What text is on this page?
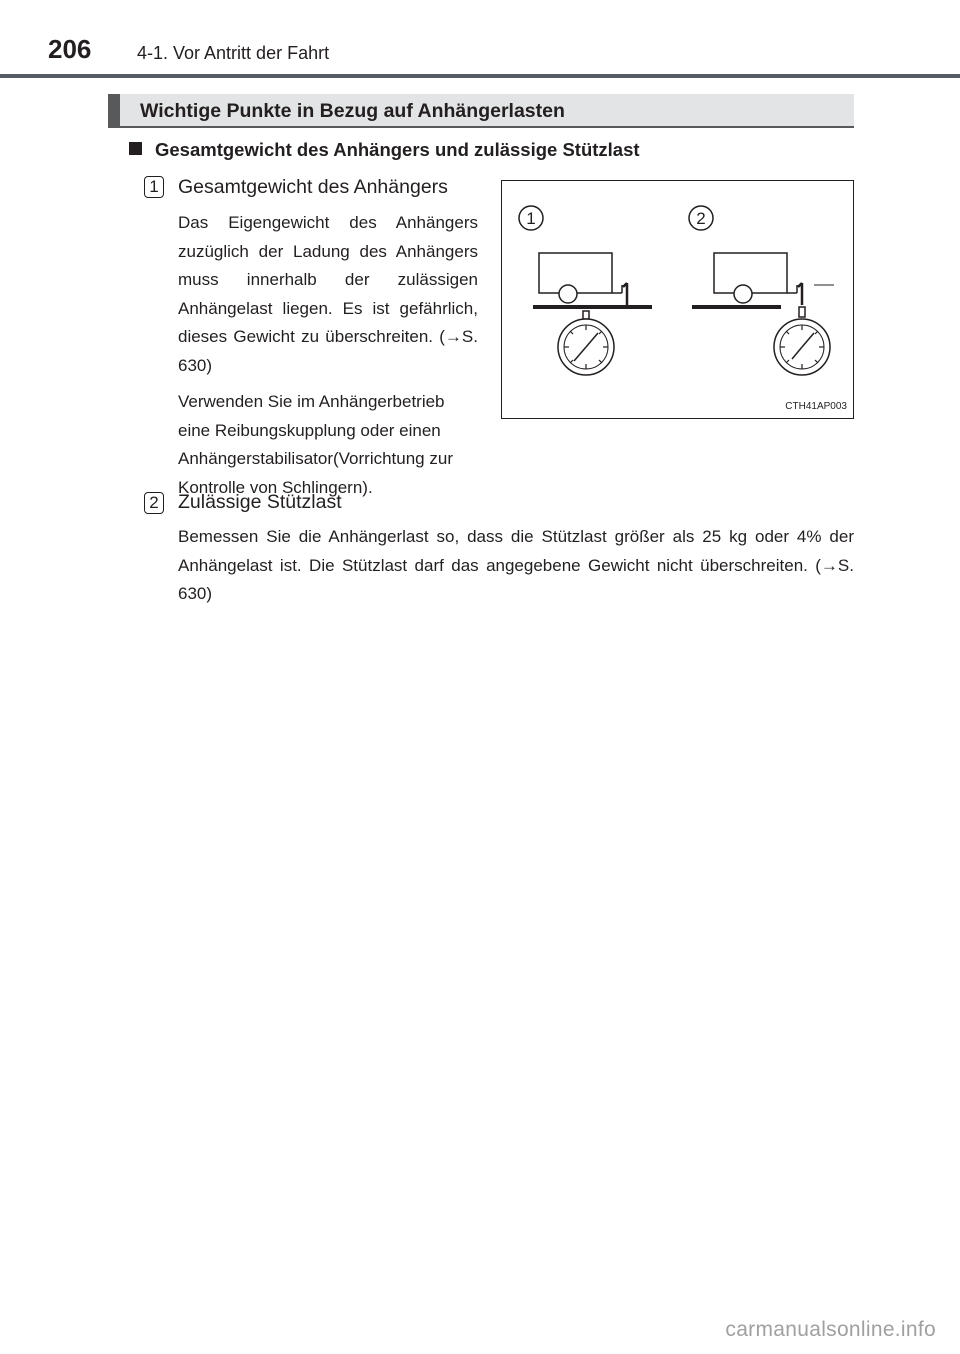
206	4-1. Vor Antritt der Fahrt
Wichtige Punkte in Bezug auf Anhängerlasten
Gesamtgewicht des Anhängers und zulässige Stützlast
1 Gesamtgewicht des Anhängers

Das Eigengewicht des Anhängers zuzüglich der Ladung des Anhängers muss innerhalb der zulässigen Anhängelast liegen. Es ist gefährlich, dieses Gewicht zu überschreiten. (→S. 630)

Verwenden Sie im Anhängerbetrieb eine Reibungskupplung oder einen Anhängerstabilisator(Vorrichtung zur Kontrolle von Schlingern).

1	2
CTH41AP003
2 Zulässige Stützlast

Bemessen Sie die Anhängerlast so, dass die Stützlast größer als 25 kg oder 4% der Anhängelast ist. Die Stützlast darf das angegebene Gewicht nicht überschreiten. (→S. 630)

carmanualsonline.info
